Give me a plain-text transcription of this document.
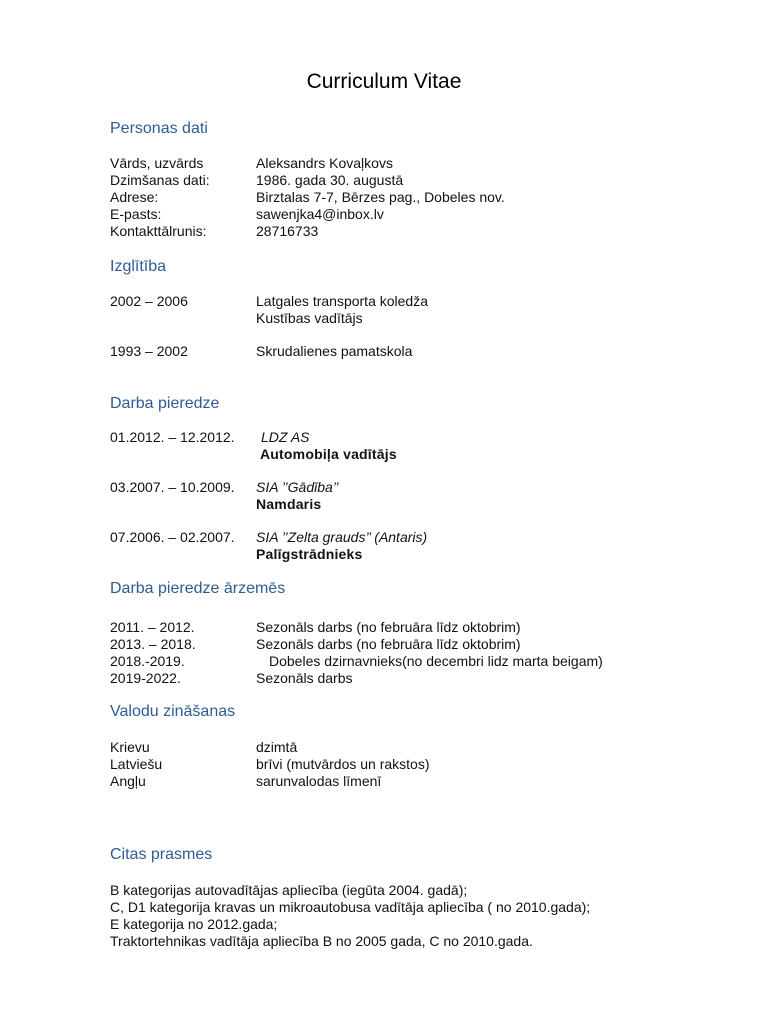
Curriculum Vitae
Personas dati
Vārds, uzvārds	Aleksandrs Kovaļkovs
Dzimšanas dati:	1986. gada 30. augustā
Adrese:	Birztalas 7-7, Bērzes pag., Dobeles nov.
E-pasts:	sawenjka4@inbox.lv
Kontakttālrunis:	28716733
Izglītība
2002 – 2006	Latgales transporta koledža
Kustības vadītājs
1993 – 2002	Skrudalienes pamatskola
Darba pieredze
01.2012. – 12.2012. LDZ AS
Automobiļa vadītājs
03.2007. – 10.2009. SIA ’’Gādība’’
Namdaris
07.2006. – 02.2007. SIA ’’Zelta grauds’’ (Antaris)
Palīgstrādnieks
Darba pieredze ārzemēs
2011. – 2012.	Sezonāls darbs (no februāra līdz oktobrim)
2013. – 2018.	Sezonāls darbs (no februāra līdz oktobrim)
2018.-2019.	Dobeles dzirnavnieks(no decembri lidz marta beigam)
2019-2022.	Sezonāls darbs
Valodu zināšanas
Krievu	dzimtā
Latviešu	brīvi (mutvārdos un rakstos)
Angļu	sarunvalodas līmenī
Citas prasmes
B kategorijas autovadītājas apliecība (iegūta 2004. gadā);
C, D1 kategorija kravas un mikroautobusa vadītāja apliecība ( no 2010.gada);
E kategorija no 2012.gada;
Traktortehnikas vadītāja apliecība B no 2005 gada, C no 2010.gada.
